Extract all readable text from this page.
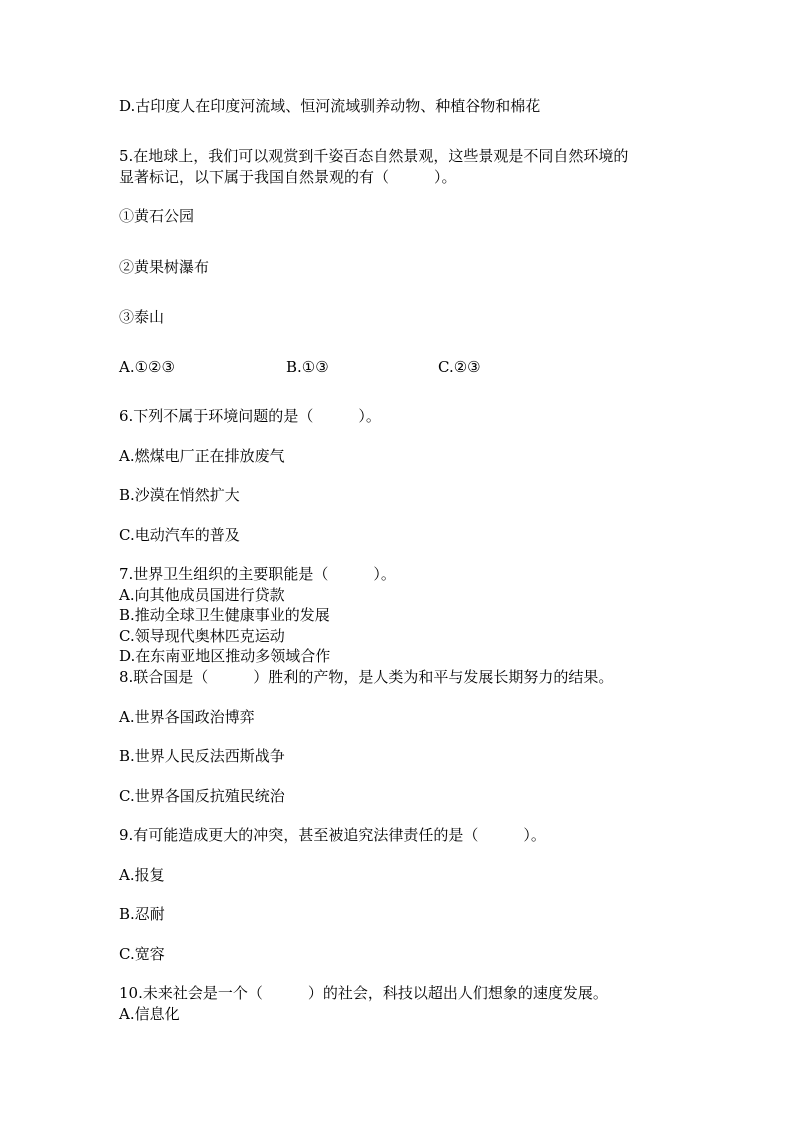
D.古印度人在印度河流域、恒河流域驯养动物、种植谷物和棉花
5.在地球上，我们可以观赏到千姿百态自然景观，这些景观是不同自然环境的
显著标记，以下属于我国自然景观的有（　　　）。
①黄石公园
②黄果树瀑布
③泰山
A.①②③	B.①③	C.②③
6.下列不属于环境问题的是（　　　）。
A.燃煤电厂正在排放废气
B.沙漠在悄然扩大
C.电动汽车的普及
7.世界卫生组织的主要职能是（　　　）。
A.向其他成员国进行贷款
B.推动全球卫生健康事业的发展
C.领导现代奥林匹克运动
D.在东南亚地区推动多领域合作
8.联合国是（　　　）胜利的产物，是人类为和平与发展长期努力的结果。
A.世界各国政治博弈
B.世界人民反法西斯战争
C.世界各国反抗殖民统治
9.有可能造成更大的冲突，甚至被追究法律责任的是（　　　）。
A.报复
B.忍耐
C.宽容
10.未来社会是一个（　　　）的社会，科技以超出人们想象的速度发展。
A.信息化
